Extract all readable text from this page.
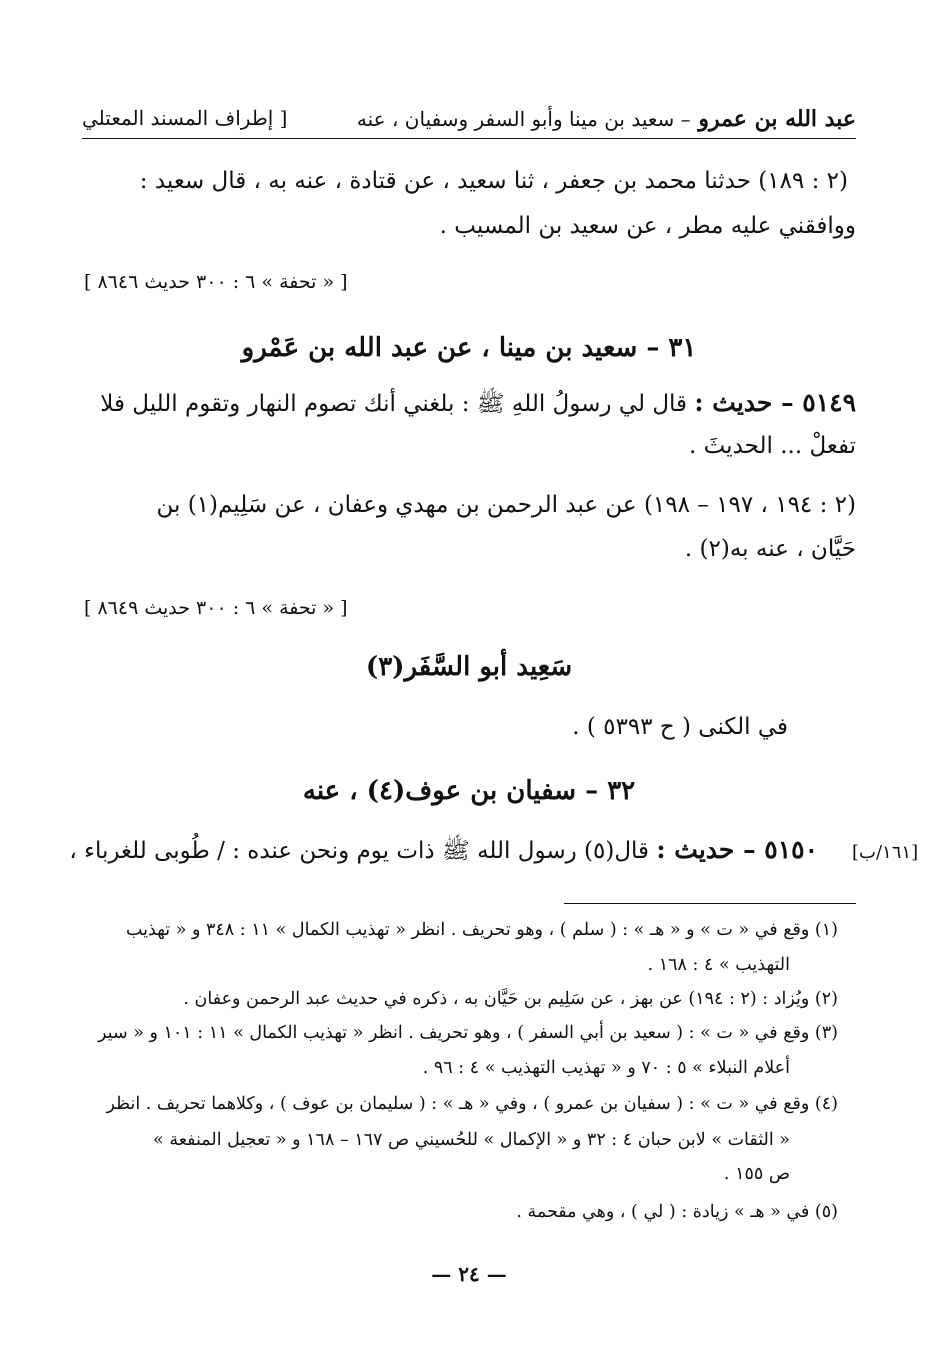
عبد الله بن عمرو – سعيد بن مينا وأبو السفر وسفيان ، عنه
[ إطراف المسند المعتلي
(٢ : ١٨٩) حدثنا محمد بن جعفر ، ثنا سعيد ، عن قتادة ، عنه به ، قال سعيد :
ووافقني عليه مطر ، عن سعيد بن المسيب .
[ « تحفة » ٦ : ٣٠٠ حديث ٨٦٤٦ ]
٣١ – سعيد بن مينا ، عن عبد الله بن عَمْرو
٥١٤٩ – حديث : قال لي رسولُ اللهِ ﷺ : بلغني أنك تصوم النهار وتقوم الليل فلا
تفعلْ ... الحديثَ .
(٢ : ١٩٤ ، ١٩٧ – ١٩٨) عن عبد الرحمن بن مهدي وعفان ، عن سَلِيم(١) بن
حَيَّان ، عنه به(٢) .
[ « تحفة » ٦ : ٣٠٠ حديث ٨٦٤٩ ]
سَعِيد أبو السَّفَر(٣)
في الكنى ( ح ٥٣٩٣ ) .
٣٢ – سفيان بن عوف(٤) ، عنه
٥١٥٠ – حديث : قال(٥) رسول الله ﷺ ذات يوم ونحن عنده : / طُوبى للغرباء ،	[١٦١/ب]
(١) وقع في « ت » و « هـ » : ( سلم ) ، وهو تحريف . انظر « تهذيب الكمال » ١١ : ٣٤٨ و « تهذيب
التهذيب » ٤ : ١٦٨ .
(٢) ويُزاد : (٢ : ١٩٤) عن بهز ، عن سَلِيم بن حَيَّان به ، ذكره في حديث عبد الرحمن وعفان .
(٣) وقع في « ت » : ( سعيد بن أبي السفر ) ، وهو تحريف . انظر « تهذيب الكمال » ١١ : ١٠١ و « سير
أعلام النبلاء » ٥ : ٧٠ و « تهذيب التهذيب » ٤ : ٩٦ .
(٤) وقع في « ت » : ( سفيان بن عمرو ) ، وفي « هـ » : ( سليمان بن عوف ) ، وكلاهما تحريف . انظر
« الثقات » لابن حبان ٤ : ٣٢ و « الإكمال » للحُسيني ص ١٦٧ – ١٦٨ و « تعجيل المنفعة »
ص ١٥٥ .
(٥) في « هـ » زيادة : ( لي ) ، وهي مقحمة .
— ٢٤ —
